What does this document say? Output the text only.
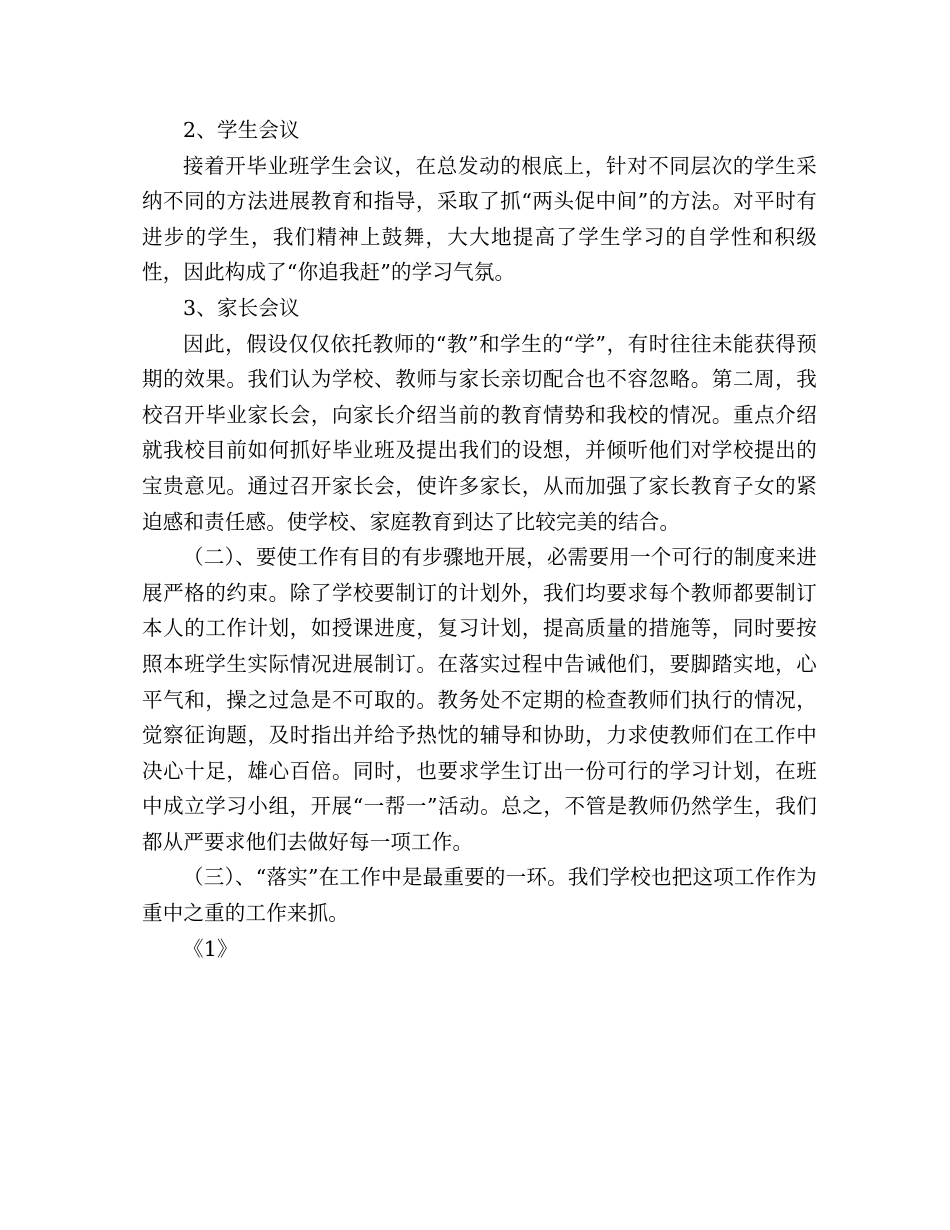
2、学生会议

接着开毕业班学生会议，在总发动的根底上，针对不同层次的学生采纳不同的方法进展教育和指导，采取了抓“两头促中间”的方法。对平时有进步的学生，我们精神上鼓舞，大大地提高了学生学习的自学性和积级性，因此构成了“你追我赶”的学习气氛。

3、家长会议

因此，假设仅仅依托教师的“教”和学生的“学”，有时往往未能获得预期的效果。我们认为学校、教师与家长亲切配合也不容忽略。第二周，我校召开毕业家长会，向家长介绍当前的教育情势和我校的情况。重点介绍就我校目前如何抓好毕业班及提出我们的设想，并倾听他们对学校提出的宝贵意见。通过召开家长会，使许多家长，从而加强了家长教育子女的紧迫感和责任感。使学校、家庭教育到达了比较完美的结合。

（二）、要使工作有目的有步骤地开展，必需要用一个可行的制度来进展严格的约束。除了学校要制订的计划外，我们均要求每个教师都要制订本人的工作计划，如授课进度，复习计划，提高质量的措施等，同时要按照本班学生实际情况进展制订。在落实过程中告诫他们，要脚踏实地，心平气和，操之过急是不可取的。教务处不定期的检查教师们执行的情况，觉察征询题，及时指出并给予热忱的辅导和协助，力求使教师们在工作中决心十足，雄心百倍。同时，也要求学生订出一份可行的学习计划，在班中成立学习小组，开展“一帮一”活动。总之，不管是教师仍然学生，我们都从严要求他们去做好每一项工作。

（三）、“落实”在工作中是最重要的一环。我们学校也把这项工作作为重中之重的工作来抓。

《1》
